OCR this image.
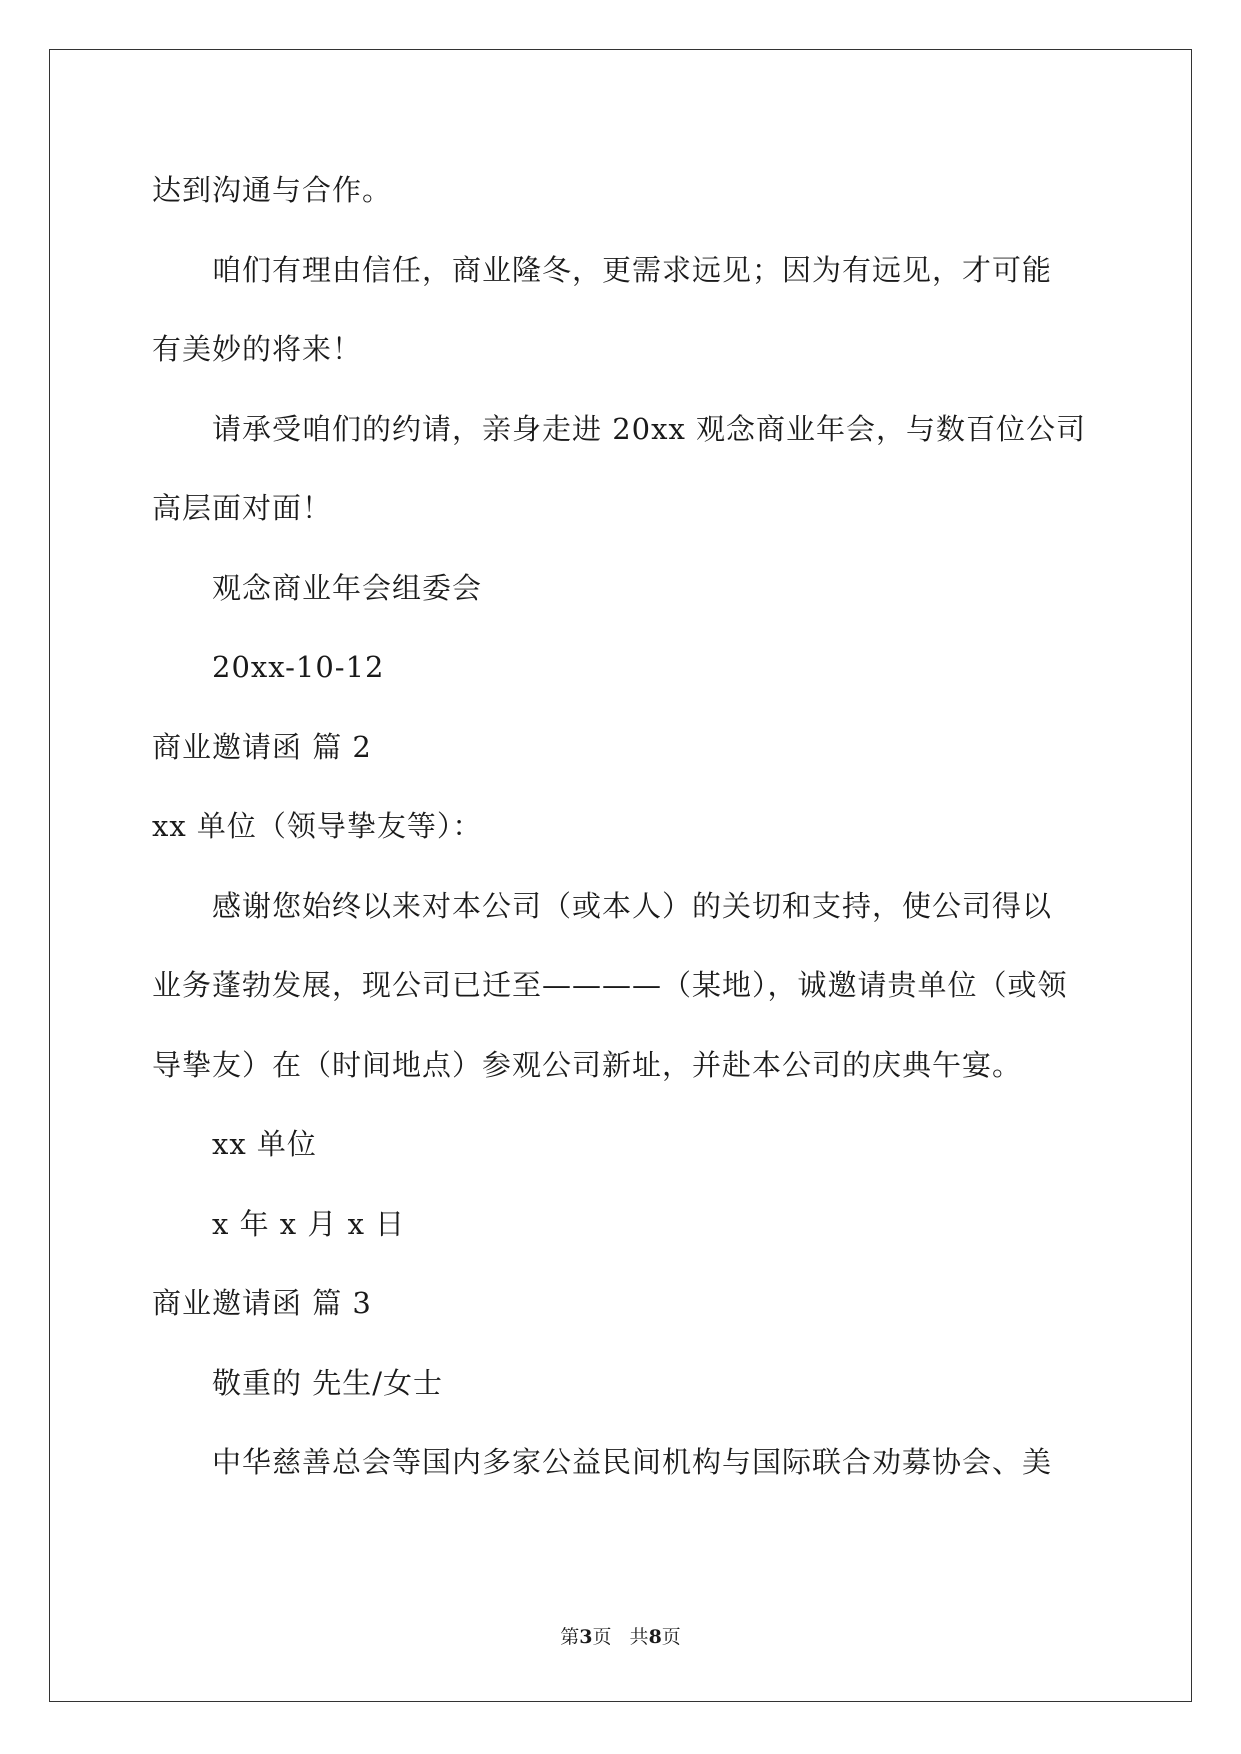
达到沟通与合作。
咱们有理由信任，商业隆冬，更需求远见；因为有远见，才可能
有美妙的将来！
请承受咱们的约请，亲身走进 20xx 观念商业年会，与数百位公司
高层面对面！
观念商业年会组委会
20xx-10-12
商业邀请函 篇 2
xx 单位（领导挚友等）：
感谢您始终以来对本公司（或本人）的关切和支持，使公司得以
业务蓬勃发展，现公司已迁至————（某地），诚邀请贵单位（或领
导挚友）在（时间地点）参观公司新址，并赴本公司的庆典午宴。
xx 单位
x 年 x 月 x 日
商业邀请函 篇 3
敬重的 先生/女士
中华慈善总会等国内多家公益民间机构与国际联合劝募协会、美
第3页   共8页
